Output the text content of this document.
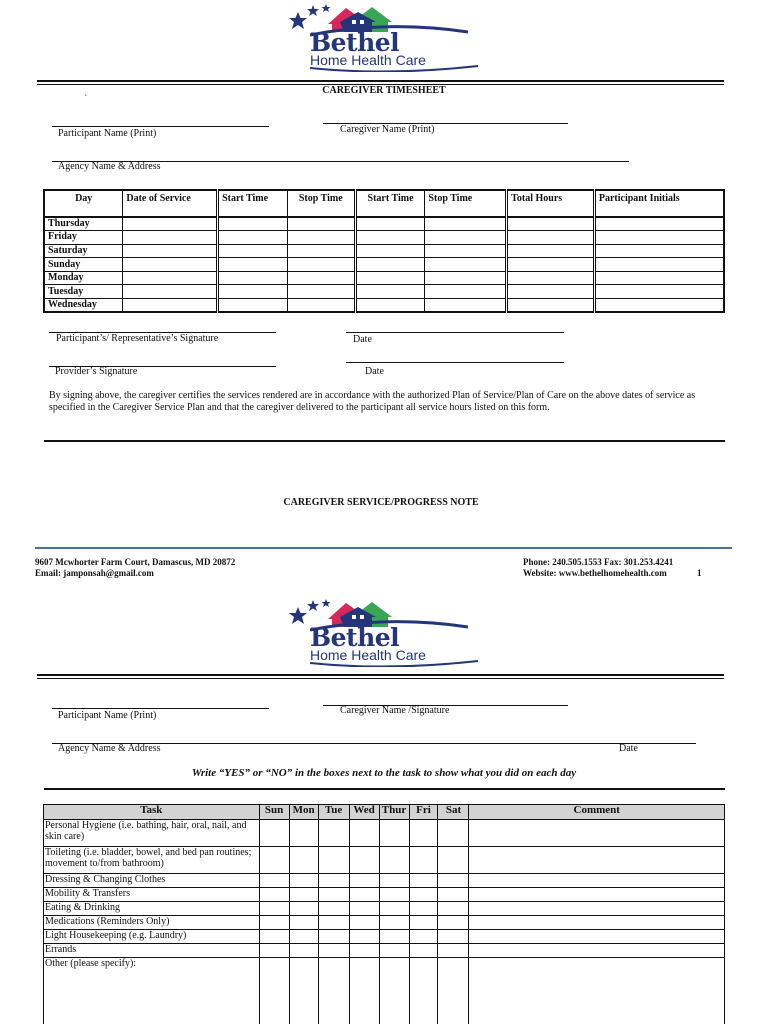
Bethel
Home Health Care
CAREGIVER TIMESHEET
`
Participant Name (Print)	Caregiver Name (Print)
Agency Name & Address
Day	Date of Service	Start Time	Stop Time	Start Time	Stop Time	Total Hours	Participant Initials
Thursday							
Friday							
Saturday							
Sunday							
Monday							
Tuesday							
Wednesday							
Participant’s/ Representative’s Signature	Date
Provider’s Signature	Date
By signing above, the caregiver certifies the services rendered are in accordance with the authorized Plan of Service/Plan of Care on the above dates of service as specified in the Caregiver Service Plan and that the caregiver delivered to the participant all service hours listed on this form.
CAREGIVER SERVICE/PROGRESS NOTE
9607 Mcwhorter Farm Court, Damascus, MD 20872
Email: jamponsah@gmail.com
Phone: 240.505.1553 Fax: 301.253.4241
Website: www.bethelhomehealth.com	1
Bethel
Home Health Care
Participant Name (Print)	Caregiver Name /Signature
Agency Name & Address	Date
Write “YES” or “NO” in the boxes next to the task to show what you did on each day
Task	Sun	Mon	Tue	Wed	Thur	Fri	Sat	Comment
Personal Hygiene (i.e. bathing, hair, oral, nail, and skin care)								
Toileting (i.e. bladder, bowel, and bed pan routines; movement to/from bathroom)								
Dressing & Changing Clothes								
Mobility & Transfers								
Eating & Drinking								
Medications (Reminders Only)								
Light Housekeeping (e.g. Laundry)								
Errands								
Other (please specify):								
